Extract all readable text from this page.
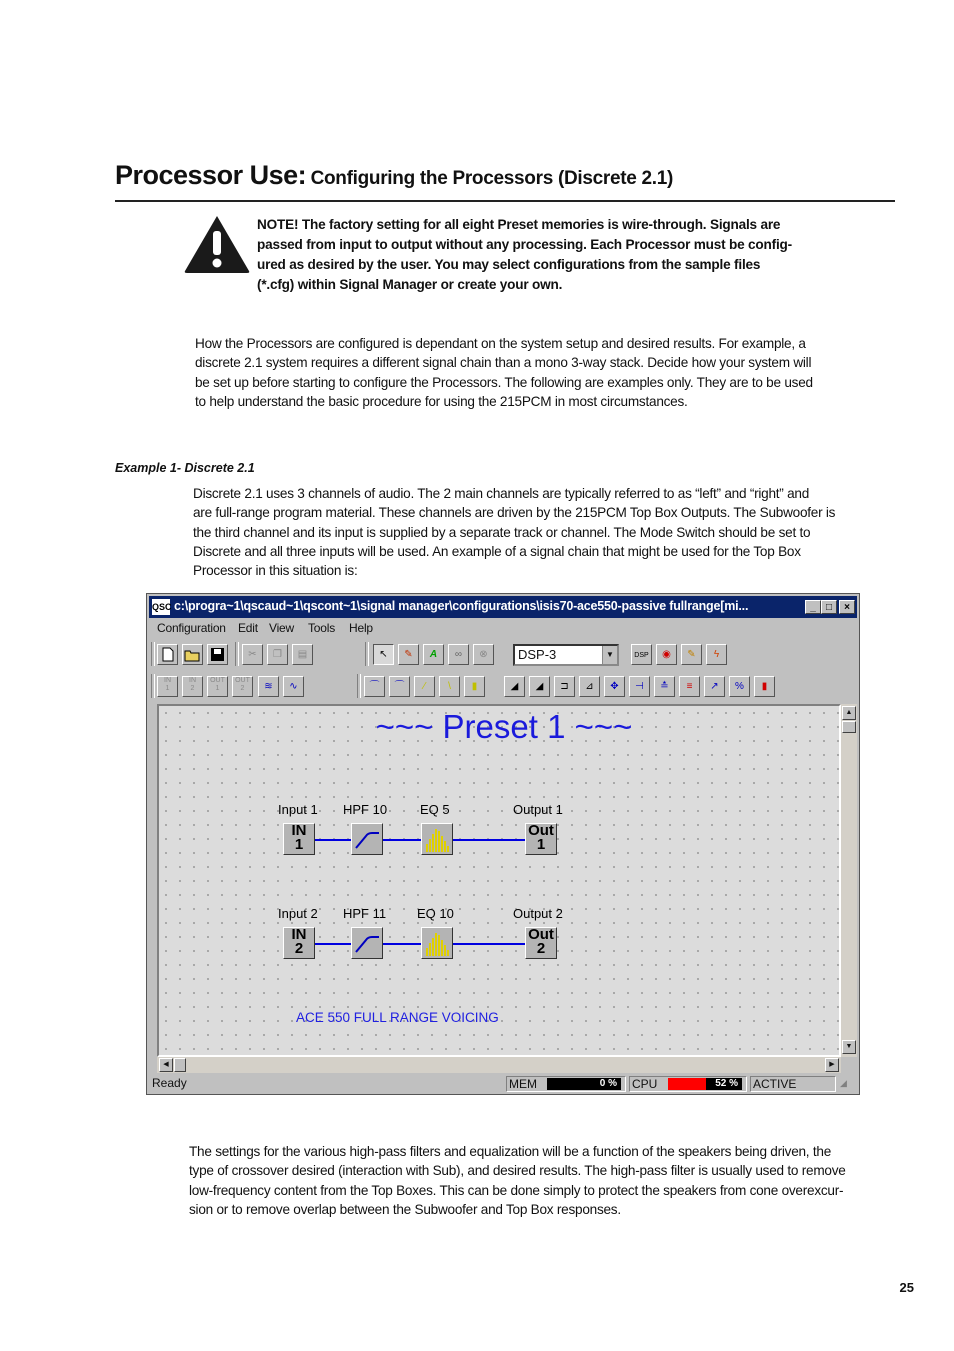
Processor Use: Configuring the Processors (Discrete 2.1)
NOTE! The factory setting for all eight Preset memories is wire-through. Signals are
passed from input to output without any processing. Each Processor must be config-
ured as desired by the user. You may select configurations from the sample files
(*.cfg) within Signal Manager or create your own.
How the Processors are configured is dependant on the system setup and desired results. For example, a
discrete 2.1 system requires a different signal chain than a mono 3-way stack. Decide how your system will
be set up before starting to configure the Processors. The following are examples only. They are to be used
to help understand the basic procedure for using the 215PCM in most circumstances.
Example 1- Discrete 2.1
Discrete 2.1 uses 3 channels of audio. The 2 main channels are typically referred to as “left” and “right” and
are full-range program material. These channels are driven by the 215PCM Top Box Outputs. The Subwoofer is
the third channel and its input is supplied by a separate track or channel. The Mode Switch should be set to
Discrete and all three inputs will be used. An example of a signal chain that might be used for the Top Box
Processor in this situation is:
QSC c:\progra~1\qscaud~1\qscont~1\signal manager\configurations\isis70-ace550-passive fullrange[mi...	_	□	×
Configuration Edit View Tools Help
✂	❐	▤	↖	✎	A	∞	⊗	DSP-3	▼	DSP	◉	✎	ϟ
IN
1
IN
2
OUT
1
OUT
2	≋	∿	⌒	⌒	⁄	\	▮	◢	◢	⊐	⊿	✥	⊣	≛	≡	↗	%	▮
~~~ Preset 1 ~~~
Input 1 HPF 10	EQ 5	Output 1
IN
1
Out
1
Input 2 HPF 11 EQ 10	Output 2
IN
2
Out
2
ACE 550 FULL RANGE VOICING
▲
▼
◀	▶
Ready	MEM	0 %	CPU	52 % ACTIVE	◢
The settings for the various high-pass filters and equalization will be a function of the speakers being driven, the
type of crossover desired (interaction with Sub), and desired results. The high-pass filter is usually used to remove
low-frequency content from the Top Boxes. This can be done simply to protect the speakers from cone overexcur-
sion or to remove overlap between the Subwoofer and Top Box responses.
25
